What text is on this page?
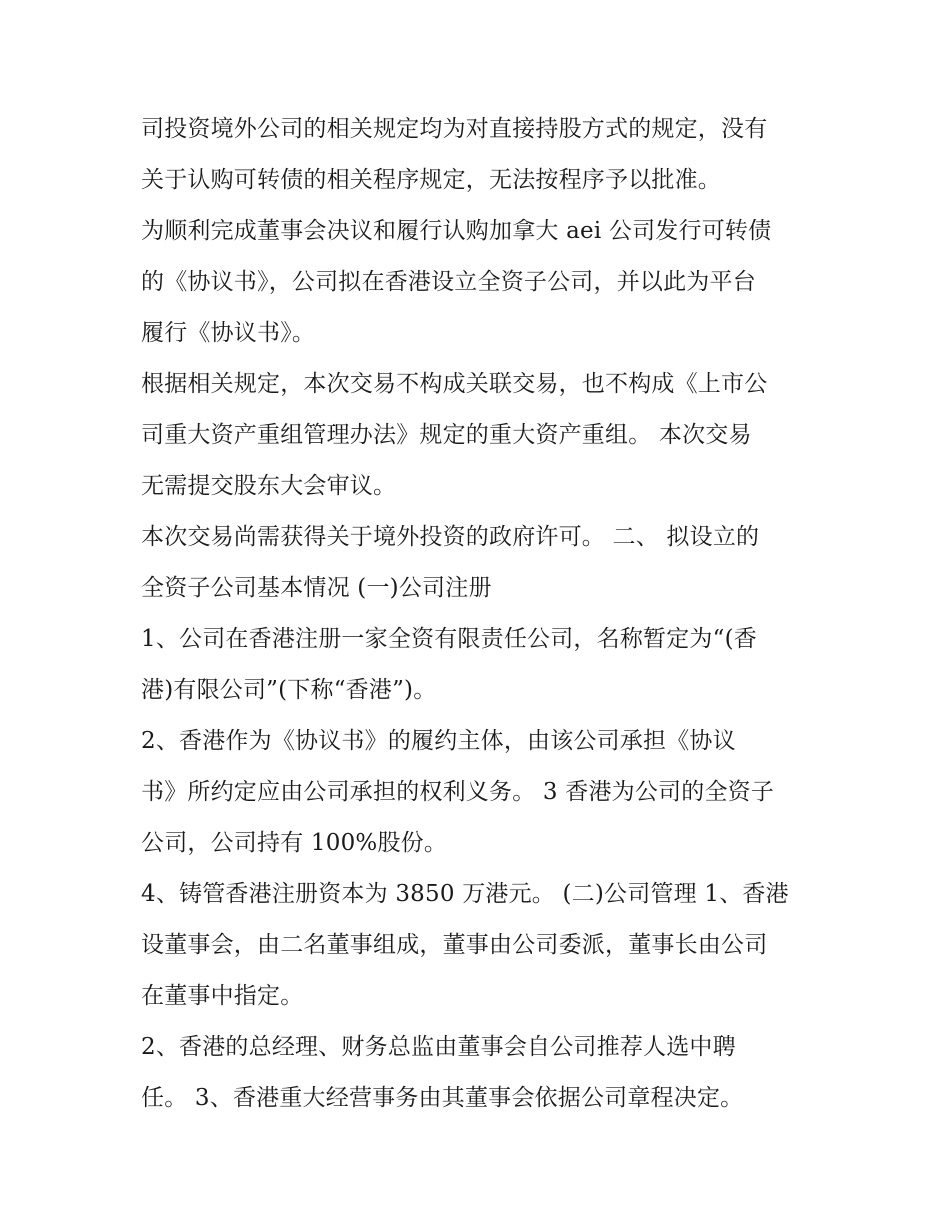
司投资境外公司的相关规定均为对直接持股方式的规定，没有
关于认购可转债的相关程序规定，无法按程序予以批准。
为顺利完成董事会决议和履行认购加拿大 aei 公司发行可转债
的《协议书》，公司拟在香港设立全资子公司，并以此为平台
履行《协议书》。
根据相关规定，本次交易不构成关联交易，也不构成《上市公
司重大资产重组管理办法》规定的重大资产重组。 本次交易
无需提交股东大会审议。
本次交易尚需获得关于境外投资的政府许可。 二、 拟设立的
全资子公司基本情况 (一)公司注册
1、公司在香港注册一家全资有限责任公司，名称暂定为“(香
港)有限公司”(下称“香港”)。
2、香港作为《协议书》的履约主体，由该公司承担《协议
书》所约定应由公司承担的权利义务。 3 香港为公司的全资子
公司，公司持有 100%股份。
4、铸管香港注册资本为 3850 万港元。 (二)公司管理 1、香港
设董事会，由二名董事组成，董事由公司委派，董事长由公司
在董事中指定。
2、香港的总经理、财务总监由董事会自公司推荐人选中聘
任。 3、香港重大经营事务由其董事会依据公司章程决定。
